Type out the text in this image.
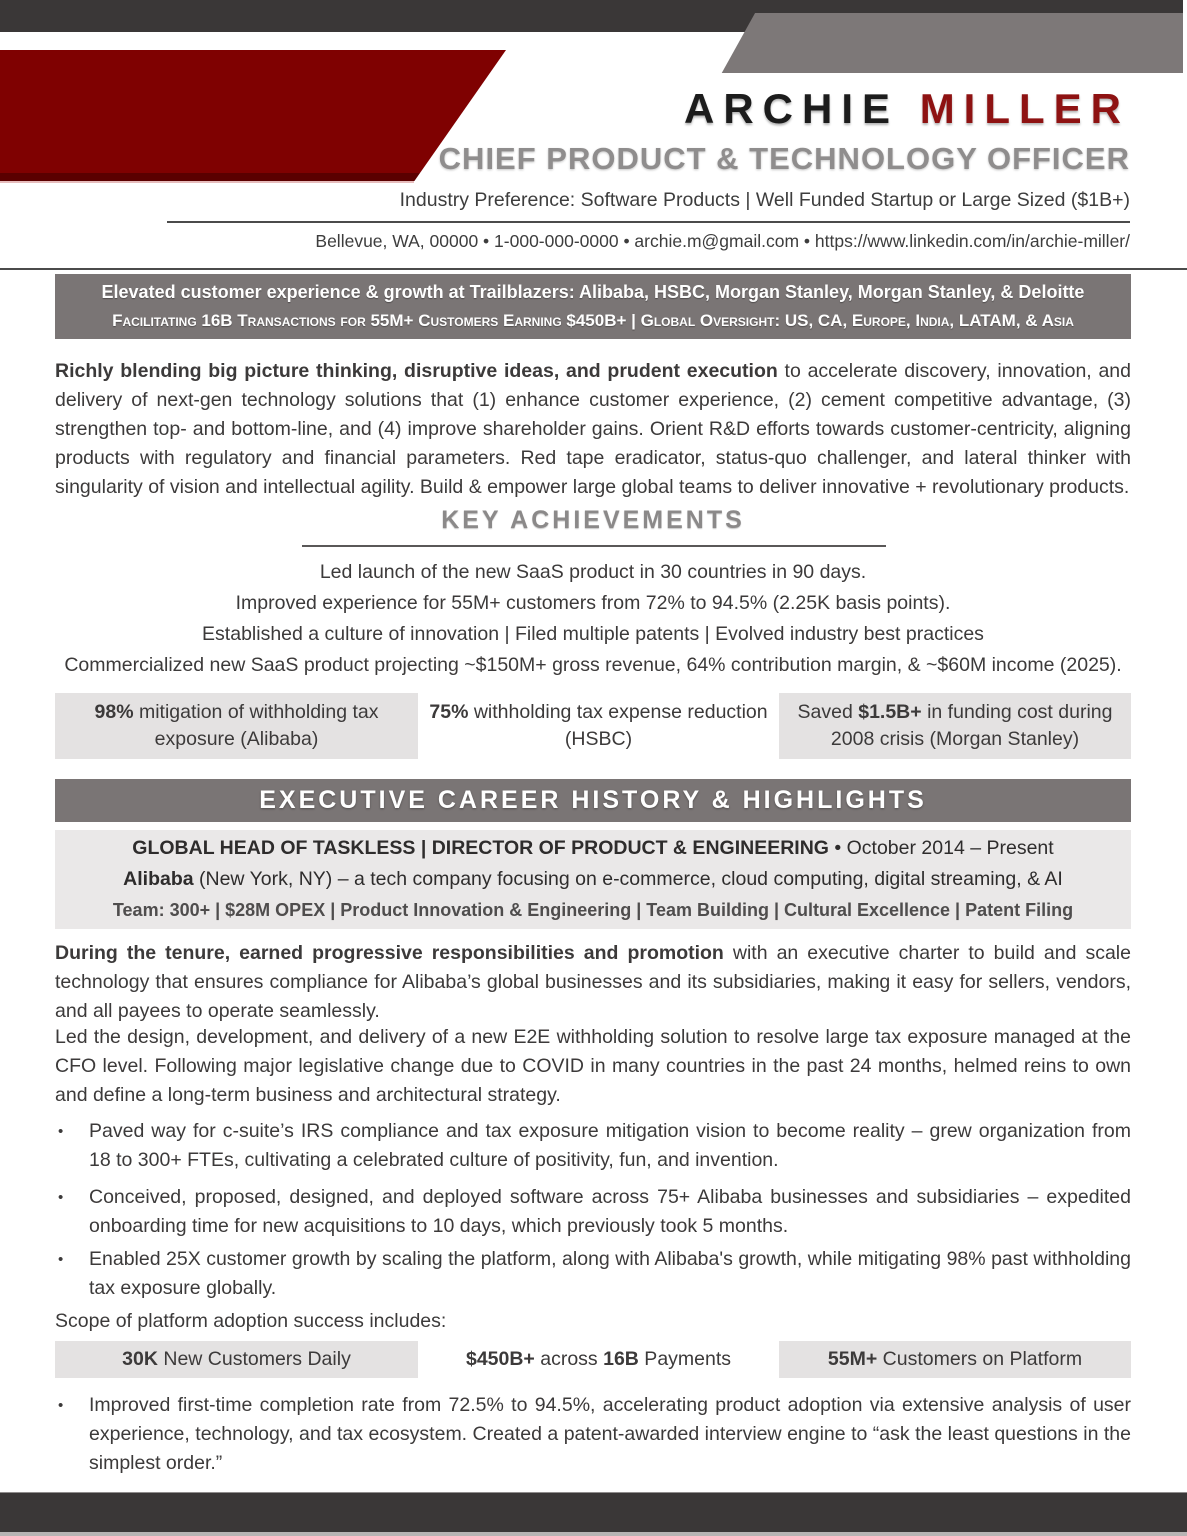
ARCHIE MILLER
CHIEF PRODUCT & TECHNOLOGY OFFICER
Industry Preference: Software Products | Well Funded Startup or Large Sized ($1B+)
Bellevue, WA, 00000 • 1-000-000-0000 • archie.m@gmail.com • https://www.linkedin.com/in/archie-miller/
Elevated customer experience & growth at Trailblazers: Alibaba, HSBC, Morgan Stanley, Morgan Stanley, & Deloitte
Facilitating 16B Transactions for 55M+ Customers Earning $450B+ | Global Oversight: US, CA, Europe, India, LATAM, & Asia
Richly blending big picture thinking, disruptive ideas, and prudent execution to accelerate discovery, innovation, and delivery of next-gen technology solutions that (1) enhance customer experience, (2) cement competitive advantage, (3) strengthen top- and bottom-line, and (4) improve shareholder gains. Orient R&D efforts towards customer-centricity, aligning products with regulatory and financial parameters. Red tape eradicator, status-quo challenger, and lateral thinker with singularity of vision and intellectual agility. Build & empower large global teams to deliver innovative + revolutionary products.
KEY ACHIEVEMENTS
Led launch of the new SaaS product in 30 countries in 90 days.
Improved experience for 55M+ customers from 72% to 94.5% (2.25K basis points).
Established a culture of innovation | Filed multiple patents | Evolved industry best practices
Commercialized new SaaS product projecting ~$150M+ gross revenue, 64% contribution margin, & ~$60M income (2025).
98% mitigation of withholding tax exposure (Alibaba)
75% withholding tax expense reduction (HSBC)
Saved $1.5B+ in funding cost during 2008 crisis (Morgan Stanley)
EXECUTIVE CAREER HISTORY & HIGHLIGHTS
GLOBAL HEAD OF TASKLESS | DIRECTOR OF PRODUCT & ENGINEERING • October 2014 – Present
Alibaba (New York, NY) – a tech company focusing on e-commerce, cloud computing, digital streaming, & AI
Team: 300+ | $28M OPEX | Product Innovation & Engineering | Team Building | Cultural Excellence | Patent Filing
During the tenure, earned progressive responsibilities and promotion with an executive charter to build and scale technology that ensures compliance for Alibaba’s global businesses and its subsidiaries, making it easy for sellers, vendors, and all payees to operate seamlessly.
Led the design, development, and delivery of a new E2E withholding solution to resolve large tax exposure managed at the CFO level. Following major legislative change due to COVID in many countries in the past 24 months, helmed reins to own and define a long-term business and architectural strategy.
•	Paved way for c-suite’s IRS compliance and tax exposure mitigation vision to become reality – grew organization from 18 to 300+ FTEs, cultivating a celebrated culture of positivity, fun, and invention.
•	Conceived, proposed, designed, and deployed software across 75+ Alibaba businesses and subsidiaries – expedited onboarding time for new acquisitions to 10 days, which previously took 5 months.
•	Enabled 25X customer growth by scaling the platform, along with Alibaba's growth, while mitigating 98% past withholding tax exposure globally.
Scope of platform adoption success includes:
30K New Customers Daily	$450B+ across 16B Payments	55M+ Customers on Platform
•	Improved first-time completion rate from 72.5% to 94.5%, accelerating product adoption via extensive analysis of user experience, technology, and tax ecosystem. Created a patent-awarded interview engine to “ask the least questions in the simplest order.”
